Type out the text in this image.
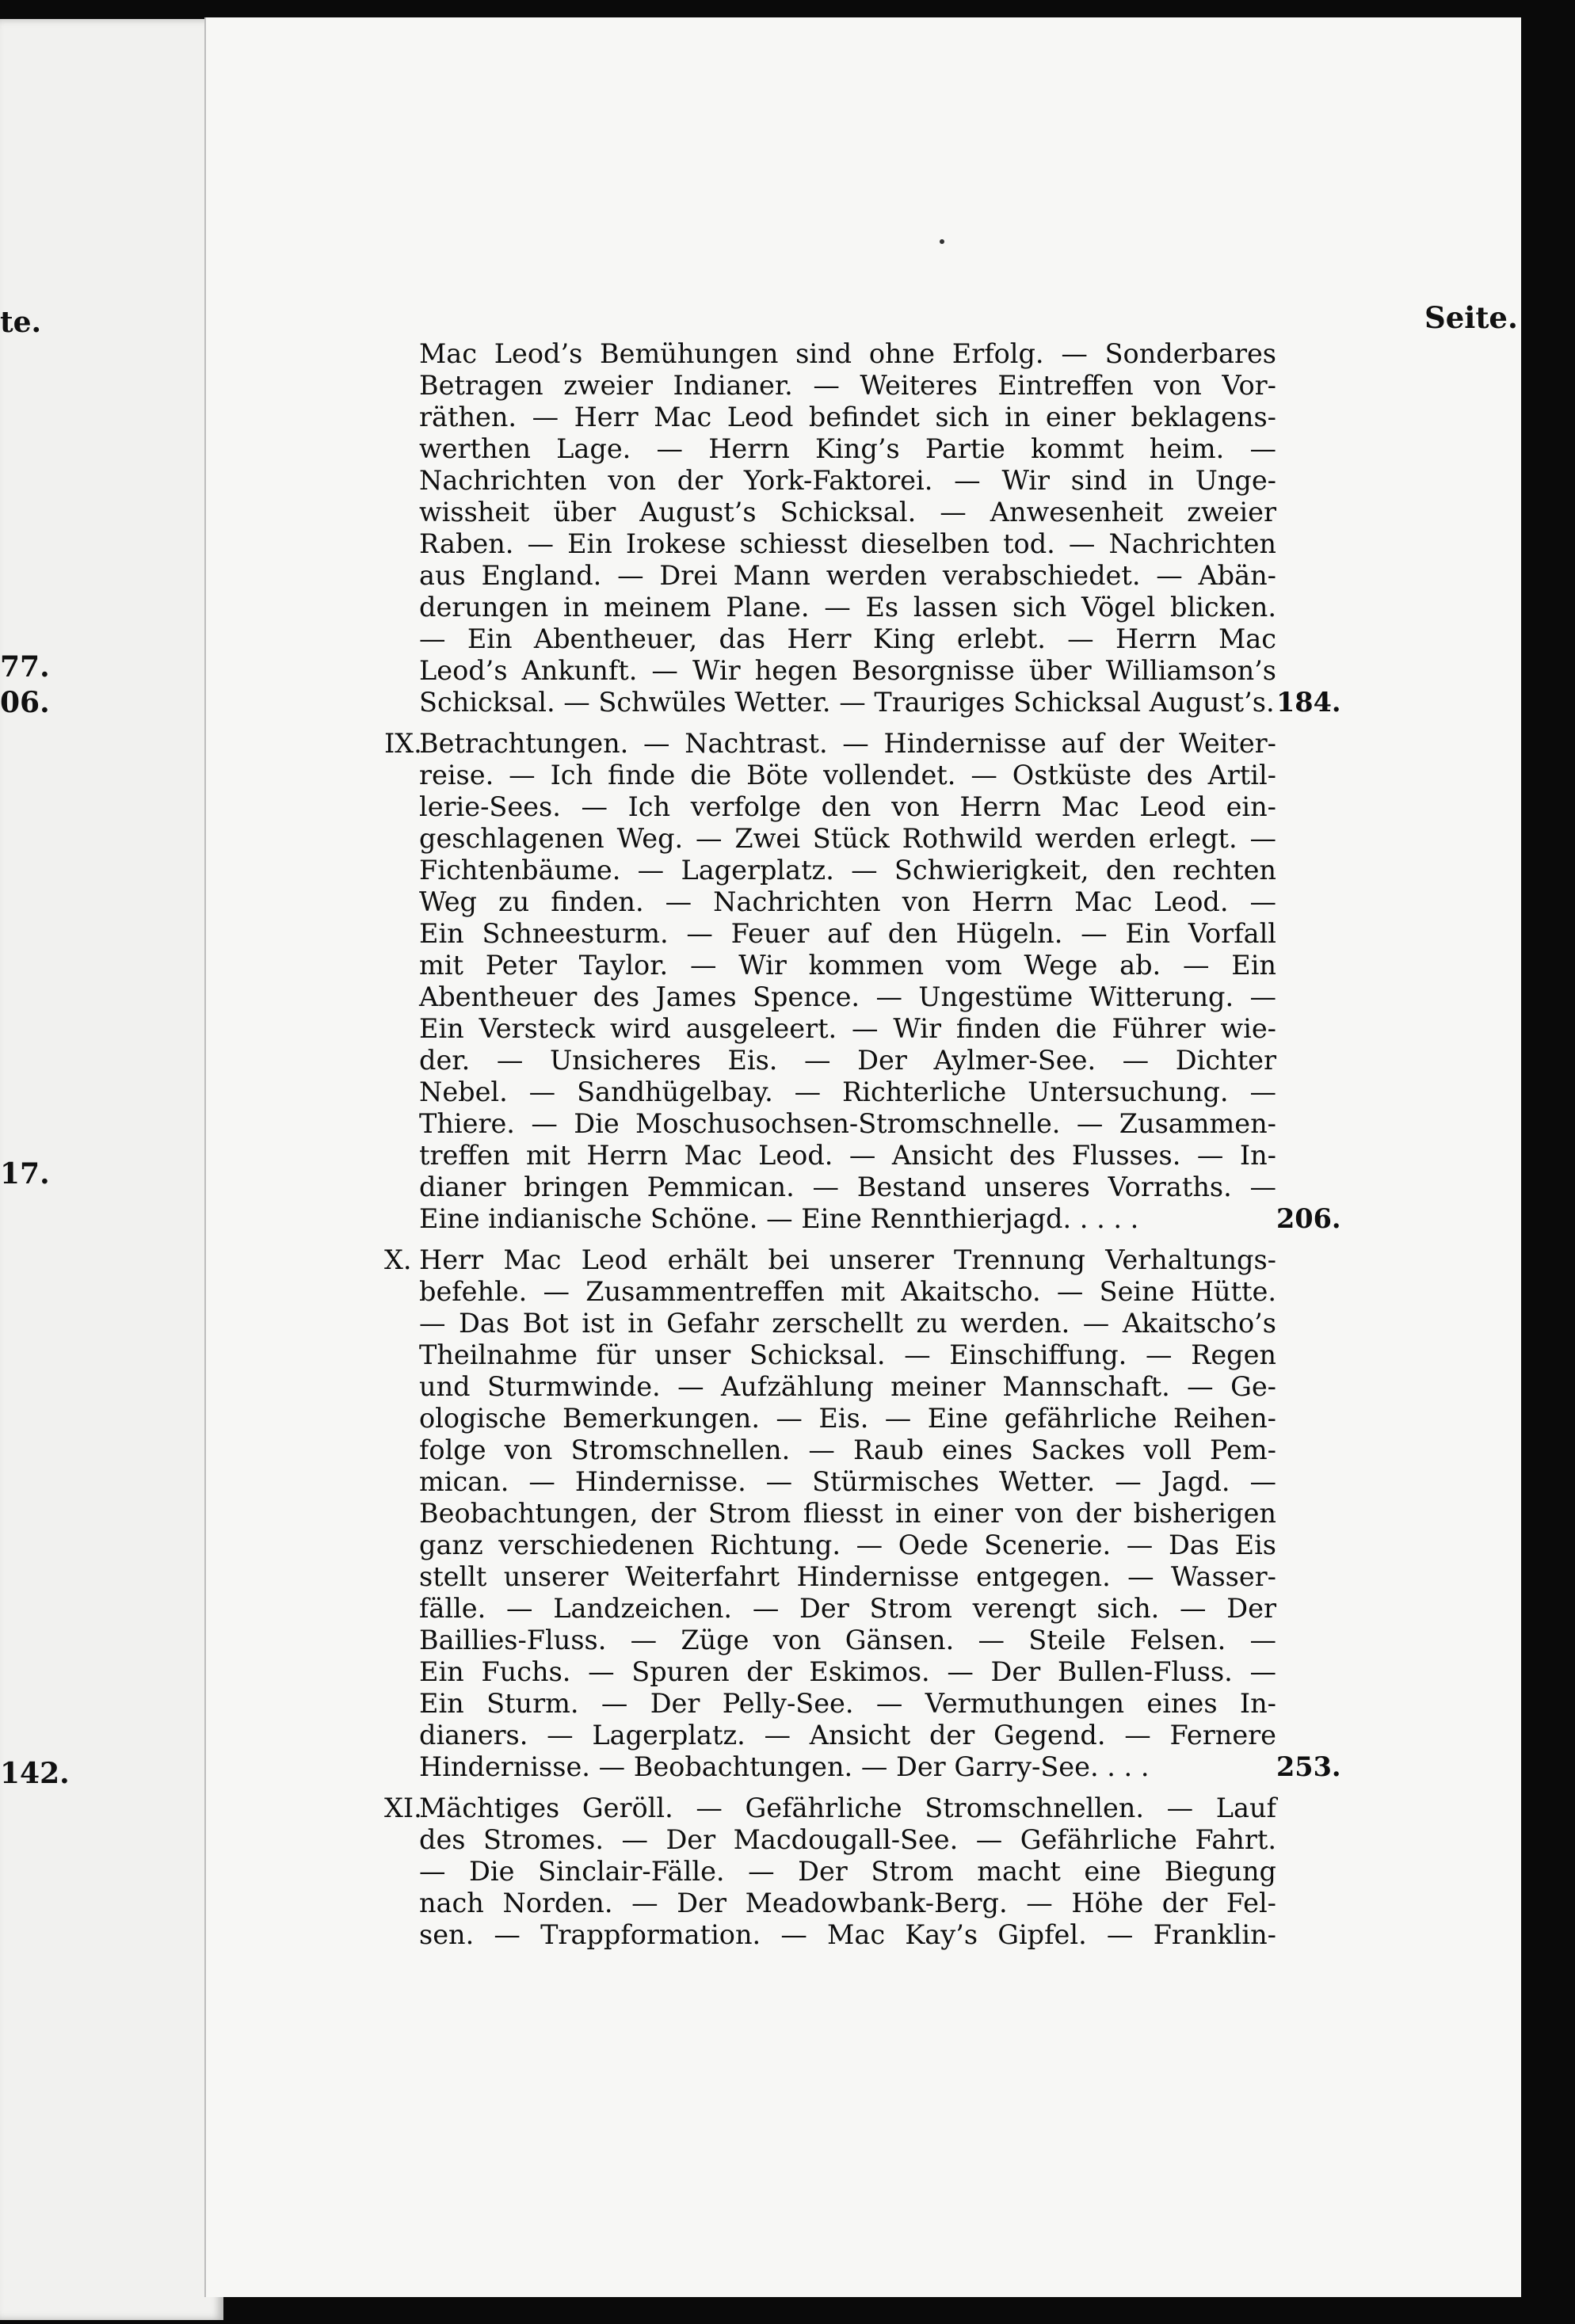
te.
77.
06.
17.
142.
Seite.
Mac Leod’s Bemühungen sind ohne Erfolg. — Sonderbares
Betragen zweier Indianer. — Weiteres Eintreffen von Vor-
räthen. — Herr Mac Leod befindet sich in einer beklagens-
werthen Lage. — Herrn King’s Partie kommt heim. —
Nachrichten von der York-Faktorei. — Wir sind in Unge-
wissheit über August’s Schicksal. — Anwesenheit zweier
Raben. — Ein Irokese schiesst dieselben tod. — Nachrichten
aus England. — Drei Mann werden verabschiedet. — Abän-
derungen in meinem Plane. — Es lassen sich Vögel blicken.
— Ein Abentheuer, das Herr King erlebt. — Herrn Mac
Leod’s Ankunft. — Wir hegen Besorgnisse über Williamson’s
Schicksal. — Schwüles Wetter. — Trauriges Schicksal August’s. 184.
IX.
Betrachtungen. — Nachtrast. — Hindernisse auf der Weiter-
reise. — Ich finde die Böte vollendet. — Ostküste des Artil-
lerie-Sees. — Ich verfolge den von Herrn Mac Leod ein-
geschlagenen Weg. — Zwei Stück Rothwild werden erlegt. —
Fichtenbäume. — Lagerplatz. — Schwierigkeit, den rechten
Weg zu finden. — Nachrichten von Herrn Mac Leod. —
Ein Schneesturm. — Feuer auf den Hügeln. — Ein Vorfall
mit Peter Taylor. — Wir kommen vom Wege ab. — Ein
Abentheuer des James Spence. — Ungestüme Witterung. —
Ein Versteck wird ausgeleert. — Wir finden die Führer wie-
der. — Unsicheres Eis. — Der Aylmer-See. — Dichter
Nebel. — Sandhügelbay. — Richterliche Untersuchung. —
Thiere. — Die Moschusochsen-Stromschnelle. — Zusammen-
treffen mit Herrn Mac Leod. — Ansicht des Flusses. — In-
dianer bringen Pemmican. — Bestand unseres Vorraths. —
Eine indianische Schöne. — Eine Rennthierjagd. . . . .	206.
X. Herr Mac Leod erhält bei unserer Trennung Verhaltungs-
befehle. — Zusammentreffen mit Akaitscho. — Seine Hütte.
— Das Bot ist in Gefahr zerschellt zu werden. — Akaitscho’s
Theilnahme für unser Schicksal. — Einschiffung. — Regen
und Sturmwinde. — Aufzählung meiner Mannschaft. — Ge-
ologische Bemerkungen. — Eis. — Eine gefährliche Reihen-
folge von Stromschnellen. — Raub eines Sackes voll Pem-
mican. — Hindernisse. — Stürmisches Wetter. — Jagd. —
Beobachtungen, der Strom fliesst in einer von der bisherigen
ganz verschiedenen Richtung. — Oede Scenerie. — Das Eis
stellt unserer Weiterfahrt Hindernisse entgegen. — Wasser-
fälle. — Landzeichen. — Der Strom verengt sich. — Der
Baillies-Fluss. — Züge von Gänsen. — Steile Felsen. —
Ein Fuchs. — Spuren der Eskimos. — Der Bullen-Fluss. —
Ein Sturm. — Der Pelly-See. — Vermuthungen eines In-
dianers. — Lagerplatz. — Ansicht der Gegend. — Fernere
Hindernisse. — Beobachtungen. — Der Garry-See. . . .	253.
XI.
Mächtiges Geröll. — Gefährliche Stromschnellen. — Lauf
des Stromes. — Der Macdougall-See. — Gefährliche Fahrt.
— Die Sinclair-Fälle. — Der Strom macht eine Biegung
nach Norden. — Der Meadowbank-Berg. — Höhe der Fel-
sen. — Trappformation. — Mac Kay’s Gipfel. — Franklin-
